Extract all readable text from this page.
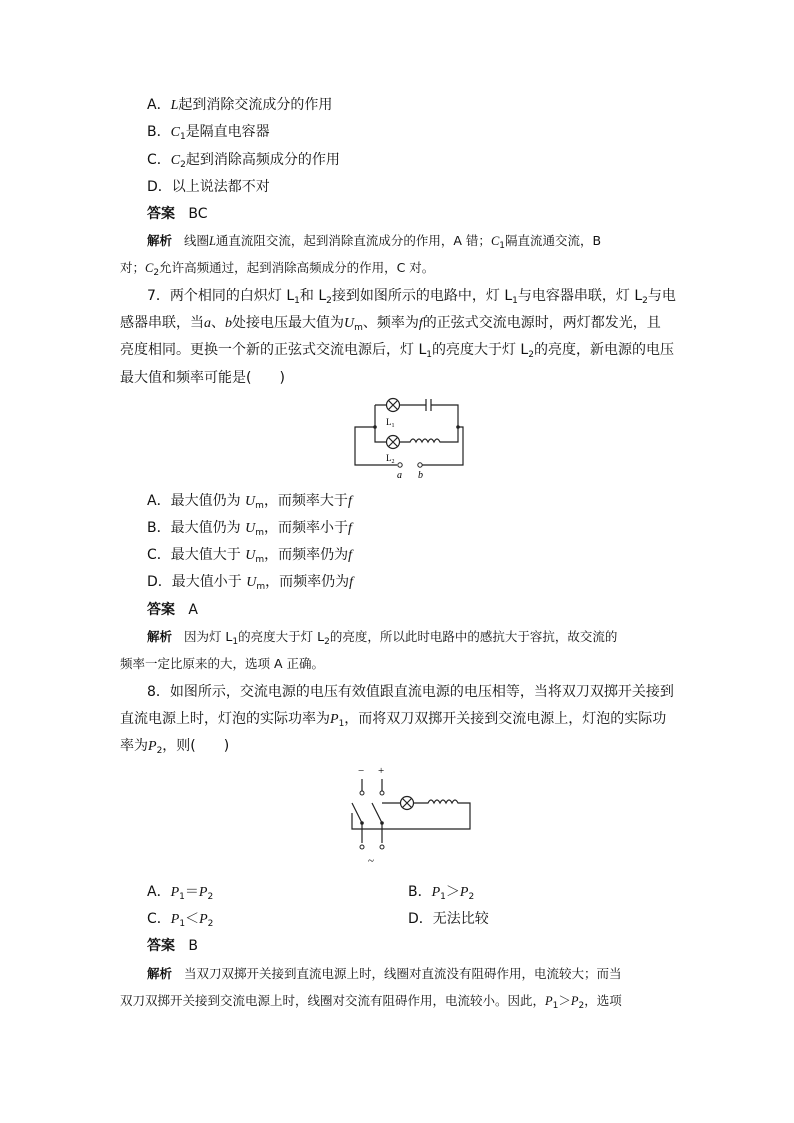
A．L起到消除交流成分的作用
B．$C_1$是隔直电容器
C．$C_2$起到消除高频成分的作用
D．以上说法都不对
答案 BC
解析 线圈L通直流阻交流，起到消除直流成分的作用，A 错；$C_1$隔直流通交流，B
对；$C_2$允许高频通过，起到消除高频成分的作用，C 对。
7．两个相同的白炽灯 $L_1$和 $L_2$接到如图所示的电路中，灯 $L_1$与电容器串联，灯 $L_2$与电
感器串联，当a、b处接电压最大值为$U_m$、频率为f的正弦式交流电源时，两灯都发光，且
亮度相同。更换一个新的正弦式交流电源后，灯 $L_1$的亮度大于灯 $L_2$的亮度，新电源的电压
最大值和频率可能是(　　)
$L_1$
$L_2$
a b
A．最大值仍为 $U_m$，而频率大于f
B．最大值仍为 $U_m$，而频率小于f
C．最大值大于 $U_m$，而频率仍为f
D．最大值小于 $U_m$，而频率仍为f
答案 A
解析 因为灯 $L_1$的亮度大于灯 $L_2$的亮度，所以此时电路中的感抗大于容抗，故交流的
频率一定比原来的大，选项 A 正确。
8．如图所示，交流电源的电压有效值跟直流电源的电压相等，当将双刀双掷开关接到
直流电源上时，灯泡的实际功率为$P_1$，而将双刀双掷开关接到交流电源上，灯泡的实际功
率为$P_2$，则(　　)
− +
~
A．$P_1=P_2$	B．$P_1>P_2$
C．$P_1<P_2$	D．无法比较
答案 B
解析 当双刀双掷开关接到直流电源上时，线圈对直流没有阻碍作用，电流较大；而当
双刀双掷开关接到交流电源上时，线圈对交流有阻碍作用，电流较小。因此，$P_1>P_2$，选项
